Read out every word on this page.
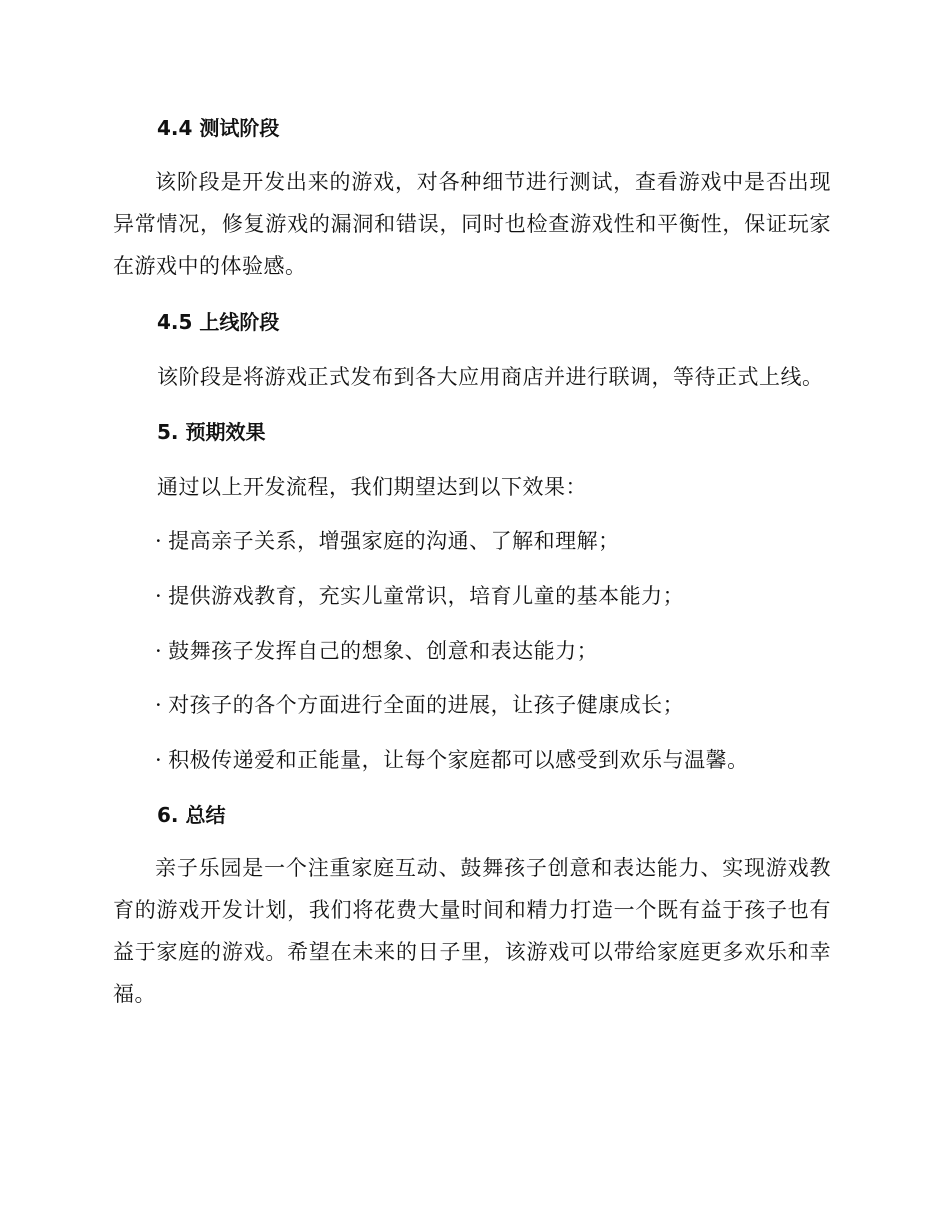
4.4 测试阶段

该阶段是开发出来的游戏，对各种细节进行测试，查看游戏中是否出现异常情况，修复游戏的漏洞和错误，同时也检查游戏性和平衡性，保证玩家在游戏中的体验感。

4.5 上线阶段

该阶段是将游戏正式发布到各大应用商店并进行联调，等待正式上线。

5. 预期效果

通过以上开发流程，我们期望达到以下效果：

· 提高亲子关系，增强家庭的沟通、了解和理解；

· 提供游戏教育，充实儿童常识，培育儿童的基本能力；

· 鼓舞孩子发挥自己的想象、创意和表达能力；

· 对孩子的各个方面进行全面的进展，让孩子健康成长；

· 积极传递爱和正能量，让每个家庭都可以感受到欢乐与温馨。

6. 总结

亲子乐园是一个注重家庭互动、鼓舞孩子创意和表达能力、实现游戏教育的游戏开发计划，我们将花费大量时间和精力打造一个既有益于孩子也有益于家庭的游戏。希望在未来的日子里，该游戏可以带给家庭更多欢乐和幸福。
